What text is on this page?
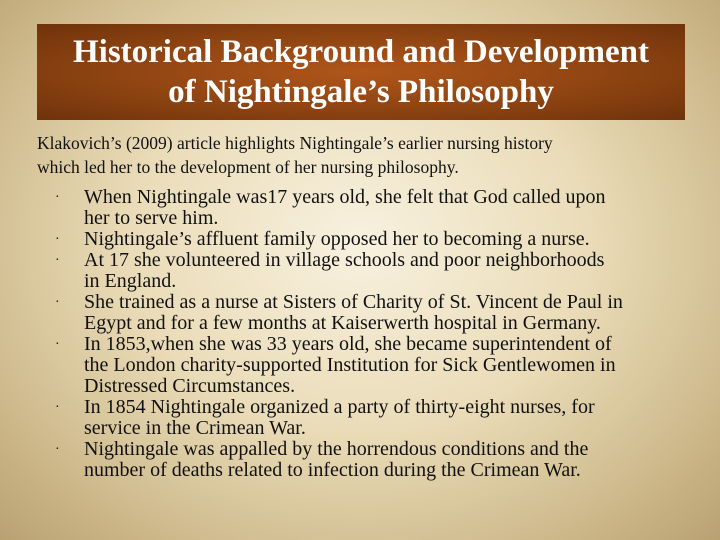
Historical Background and Development
of Nightingale’s Philosophy
Klakovich’s (2009) article highlights Nightingale’s earlier nursing history
which led her to the development of her nursing philosophy.
· When Nightingale was17 years old, she felt that God called upon
her to serve him.
· Nightingale’s affluent family opposed her to becoming a nurse.
· At 17 she volunteered in village schools and poor neighborhoods
in England.
· She trained as a nurse at Sisters of Charity of St. Vincent de Paul in
Egypt and for a few months at Kaiserwerth hospital in Germany.
· In 1853,when she was 33 years old, she became superintendent of
the London charity-supported Institution for Sick Gentlewomen in
Distressed Circumstances.
· In 1854 Nightingale organized a party of thirty-eight nurses, for
service in the Crimean War.
· Nightingale was appalled by the horrendous conditions and the
number of deaths related to infection during the Crimean War.
